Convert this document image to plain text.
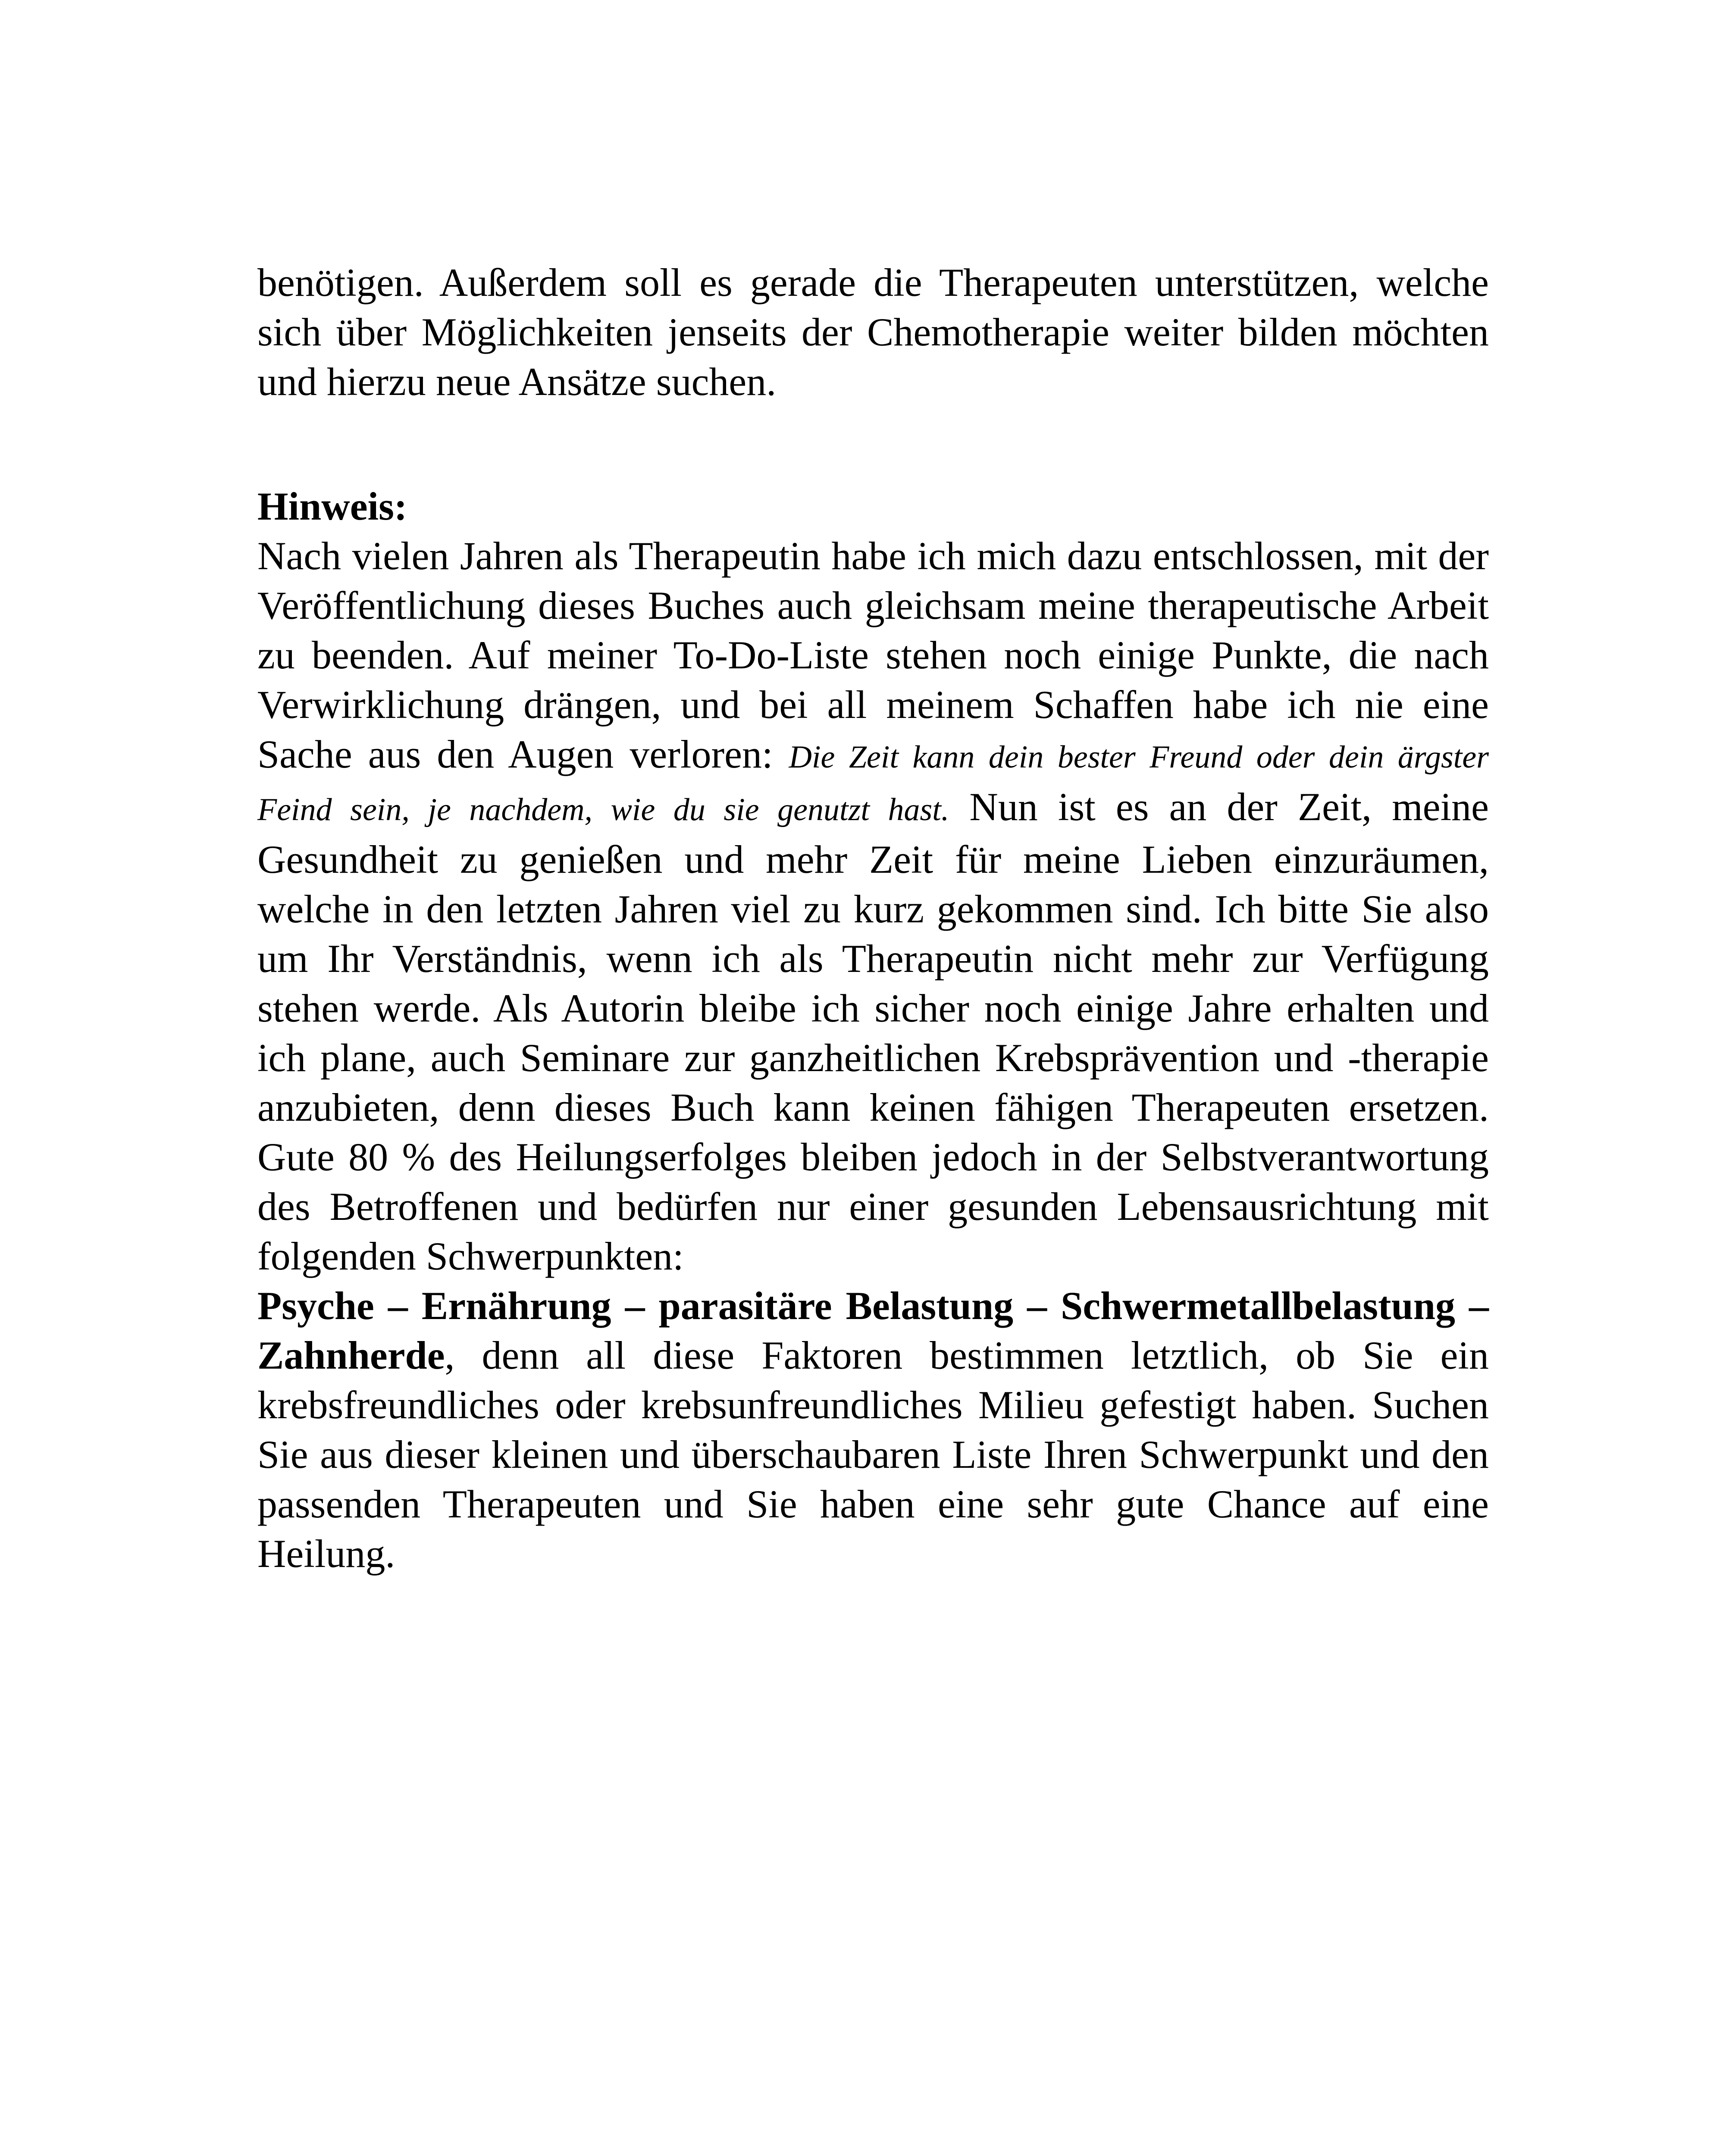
benötigen. Außerdem soll es gerade die Therapeuten unterstützen, welche sich über Möglichkeiten jenseits der Chemotherapie weiter bilden möchten und hierzu neue Ansätze suchen.
Hinweis:
Nach vielen Jahren als Therapeutin habe ich mich dazu entschlossen, mit der Veröffentlichung dieses Buches auch gleichsam meine therapeutische Arbeit zu beenden. Auf meiner To-Do-Liste stehen noch einige Punkte, die nach Verwirklichung drängen, und bei all meinem Schaffen habe ich nie eine Sache aus den Augen verloren: Die Zeit kann dein bester Freund oder dein ärgster Feind sein, je nachdem, wie du sie genutzt hast. Nun ist es an der Zeit, meine Gesundheit zu genießen und mehr Zeit für meine Lieben einzuräumen, welche in den letzten Jahren viel zu kurz gekommen sind. Ich bitte Sie also um Ihr Verständnis, wenn ich als Therapeutin nicht mehr zur Verfügung stehen werde. Als Autorin bleibe ich sicher noch einige Jahre erhalten und ich plane, auch Seminare zur ganzheitlichen Krebsprävention und -therapie anzubieten, denn dieses Buch kann keinen fähigen Therapeuten ersetzen. Gute 80 % des Heilungserfolges bleiben jedoch in der Selbstverantwortung des Betroffenen und bedürfen nur einer gesunden Lebensausrichtung mit folgenden Schwerpunkten:
Psyche – Ernährung – parasitäre Belastung – Schwermetallbelastung – Zahnherde, denn all diese Faktoren bestimmen letztlich, ob Sie ein krebsfreundliches oder krebsunfreundliches Milieu gefestigt haben. Suchen Sie aus dieser kleinen und überschaubaren Liste Ihren Schwerpunkt und den passenden Therapeuten und Sie haben eine sehr gute Chance auf eine Heilung.
